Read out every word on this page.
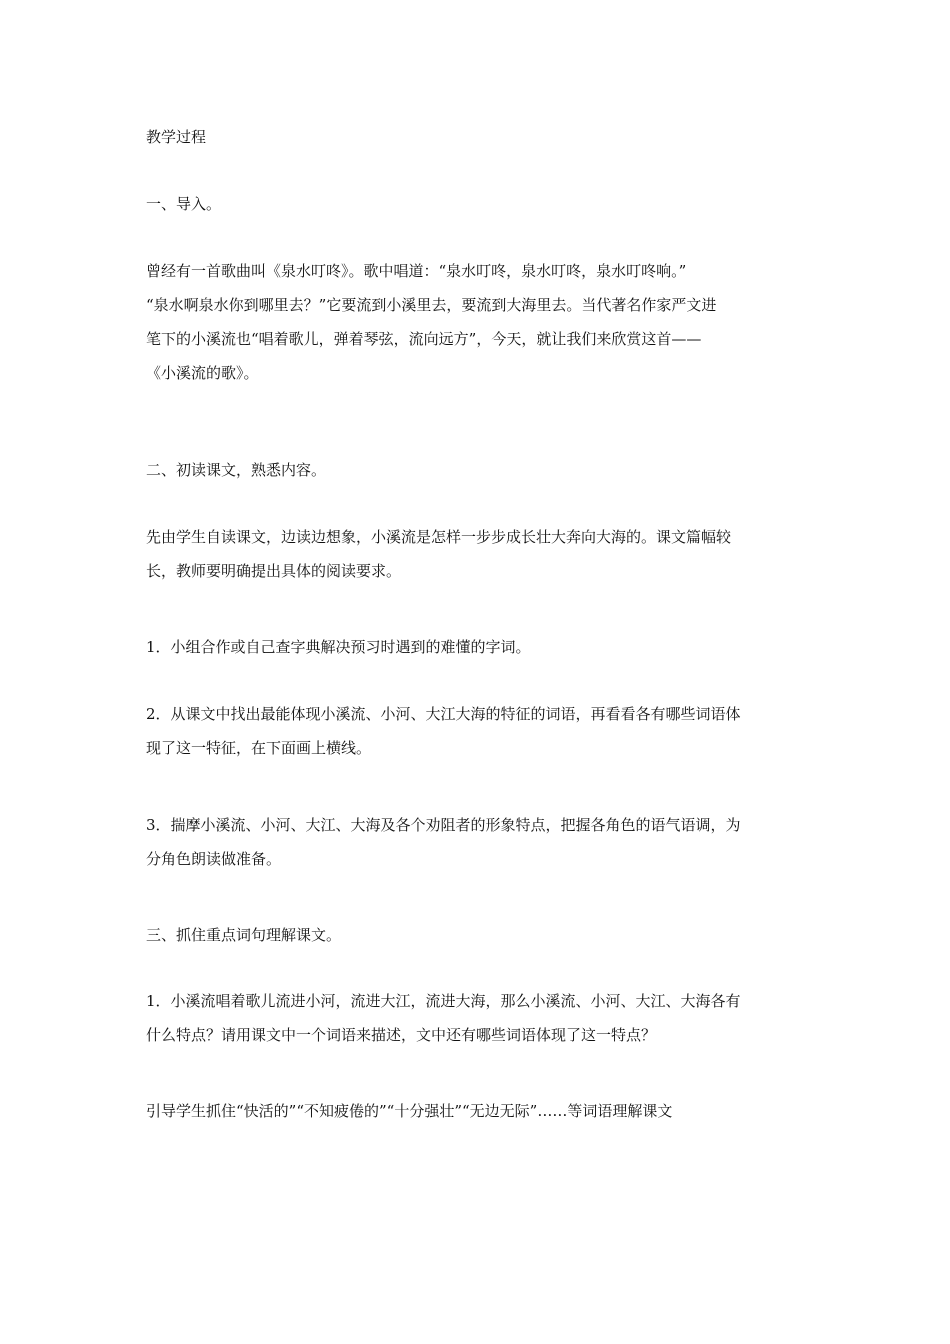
教学过程

一、导入。

曾经有一首歌曲叫《泉水叮咚》。歌中唱道：“泉水叮咚，泉水叮咚，泉水叮咚响。”
“泉水啊泉水你到哪里去？”它要流到小溪里去，要流到大海里去。当代著名作家严文进
笔下的小溪流也“唱着歌儿，弹着琴弦，流向远方”，今天，就让我们来欣赏这首——
《小溪流的歌》。

二、初读课文，熟悉内容。

先由学生自读课文，边读边想象，小溪流是怎样一步步成长壮大奔向大海的。课文篇幅较
长，教师要明确提出具体的阅读要求。

1．小组合作或自己查字典解决预习时遇到的难懂的字词。

2．从课文中找出最能体现小溪流、小河、大江大海的特征的词语，再看看各有哪些词语体
现了这一特征，在下面画上横线。

3．揣摩小溪流、小河、大江、大海及各个劝阻者的形象特点，把握各角色的语气语调，为
分角色朗读做准备。

三、抓住重点词句理解课文。

1．小溪流唱着歌儿流进小河，流进大江，流进大海，那么小溪流、小河、大江、大海各有
什么特点？请用课文中一个词语来描述，文中还有哪些词语体现了这一特点？

引导学生抓住“快活的”“不知疲倦的”“十分强壮”“无边无际”……等词语理解课文
